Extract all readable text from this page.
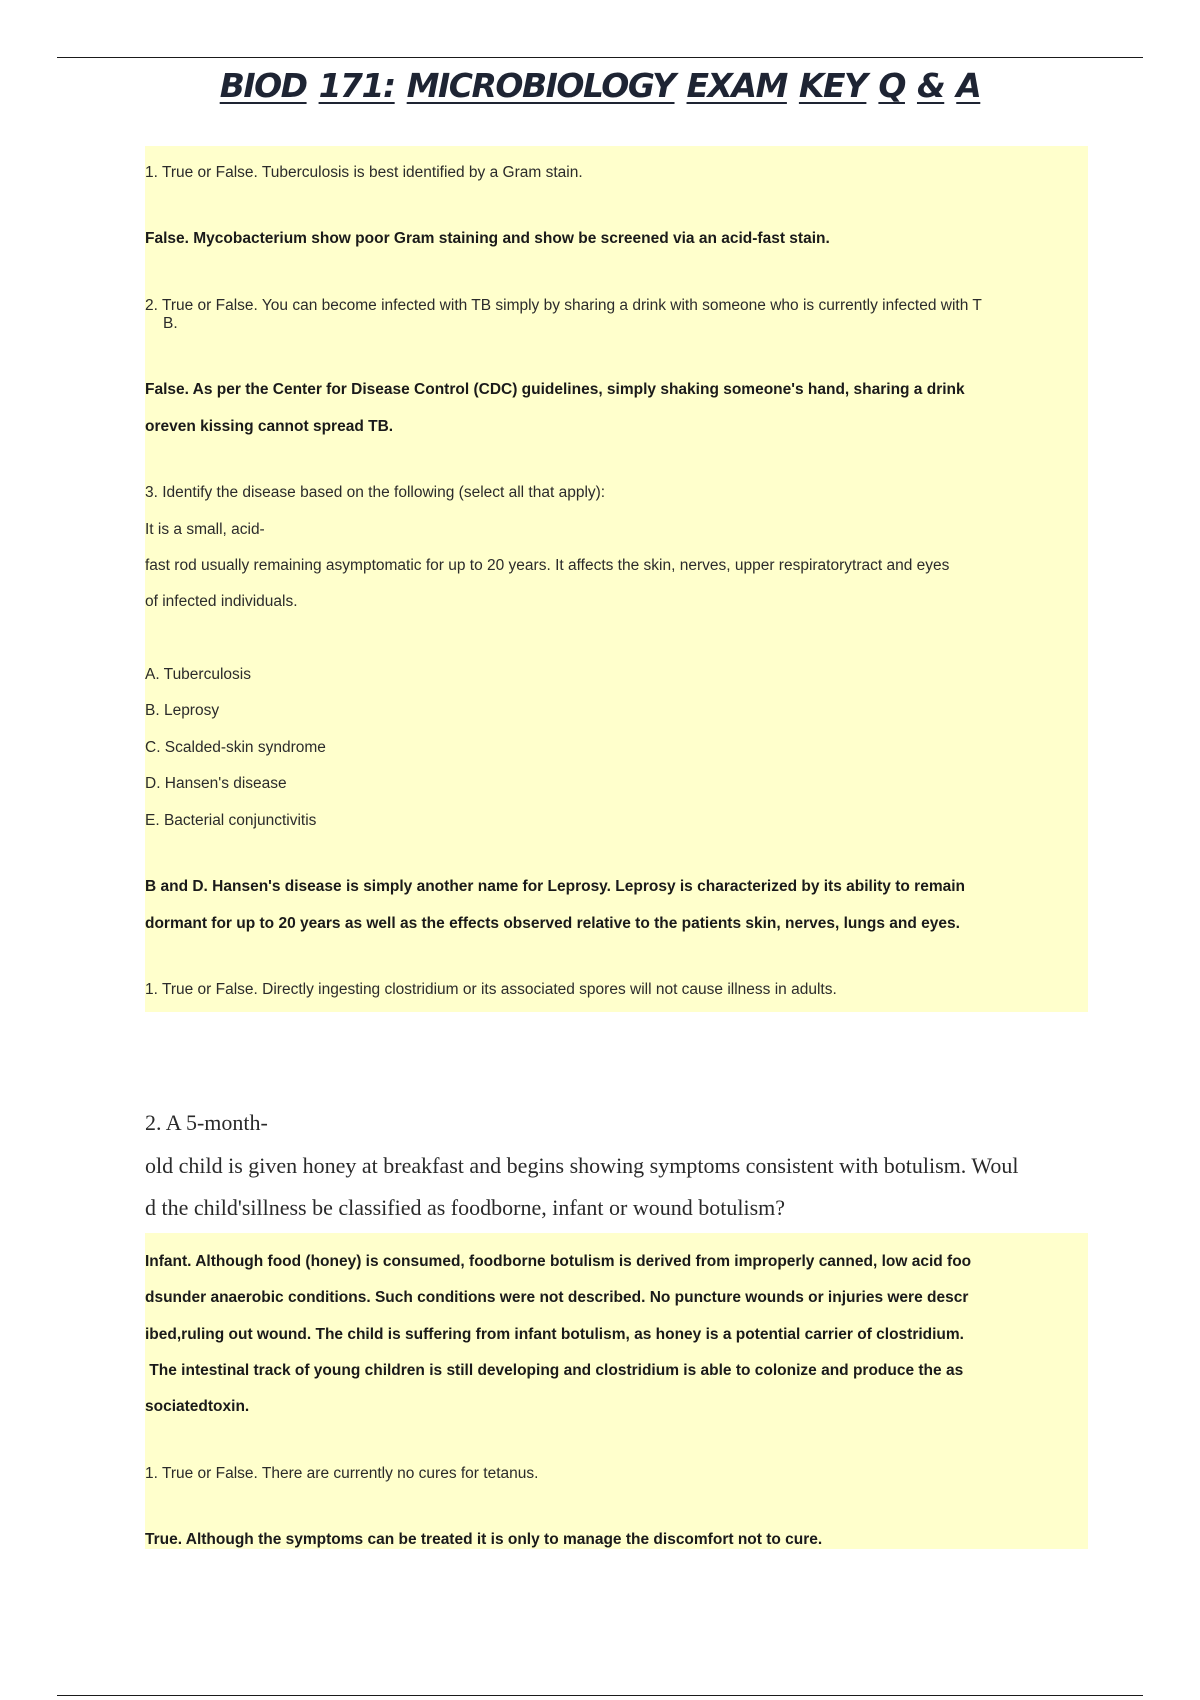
BIOD 171: MICROBIOLOGY EXAM KEY Q & A

1. True or False. Tuberculosis is best identified by a Gram stain.

False. Mycobacterium show poor Gram staining and show be screened via an acid-fast stain.

2. True or False. You can become infected with TB simply by sharing a drink with someone who is currently infected with T

B.

False. As per the Center for Disease Control (CDC) guidelines, simply shaking someone's hand, sharing a drink

oreven kissing cannot spread TB.

3. Identify the disease based on the following (select all that apply):

It is a small, acid-

fast rod usually remaining asymptomatic for up to 20 years. It affects the skin, nerves, upper respiratorytract and eyes

of infected individuals.

A. Tuberculosis

B. Leprosy

C. Scalded-skin syndrome

D. Hansen's disease

E. Bacterial conjunctivitis

B and D. Hansen's disease is simply another name for Leprosy. Leprosy is characterized by its ability to remain

dormant for up to 20 years as well as the effects observed relative to the patients skin, nerves, lungs and eyes.

1. True or False. Directly ingesting clostridium or its associated spores will not cause illness in adults.

2. A 5-month-

old child is given honey at breakfast and begins showing symptoms consistent with botulism. Woul

d the child'sillness be classified as foodborne, infant or wound botulism?

Infant. Although food (honey) is consumed, foodborne botulism is derived from improperly canned, low acid foo

dsunder anaerobic conditions. Such conditions were not described. No puncture wounds or injuries were descr

ibed,ruling out wound. The child is suffering from infant botulism, as honey is a potential carrier of clostridium.

The intestinal track of young children is still developing and clostridium is able to colonize and produce the as

sociatedtoxin.

1. True or False. There are currently no cures for tetanus.

True. Although the symptoms can be treated it is only to manage the discomfort not to cure.
